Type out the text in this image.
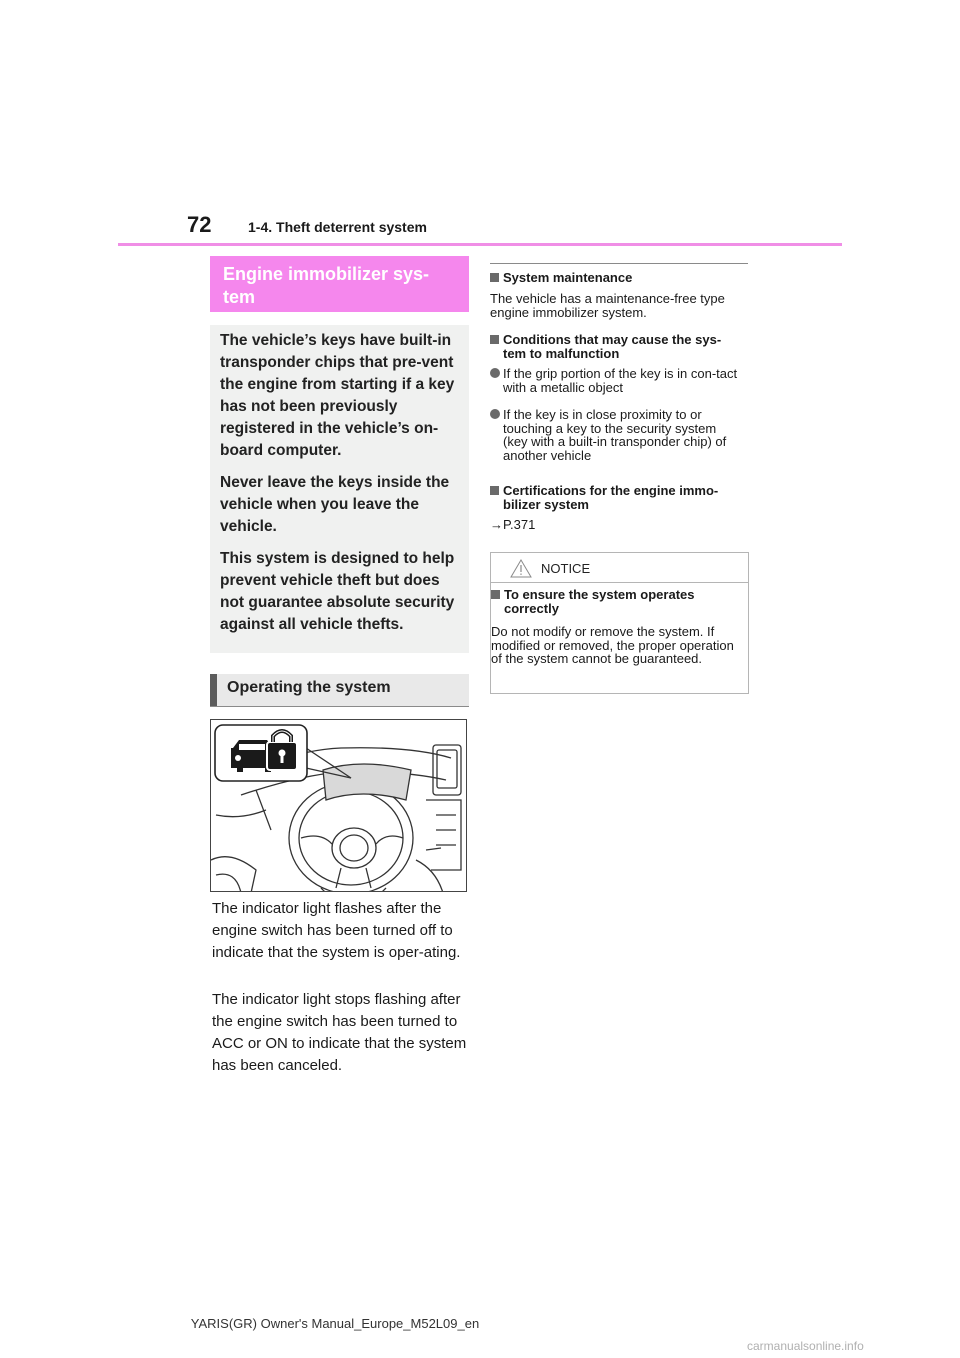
72	1-4. Theft deterrent system
Engine immobilizer sys-
tem

The vehicle’s keys have built-in transponder chips that pre-vent the engine from starting if a key has not been previously registered in the vehicle’s on-board computer.

Never leave the keys inside the vehicle when you leave the vehicle.

This system is designed to help prevent vehicle theft but does not guarantee absolute security against all vehicle thefts.

Operating the system

The indicator light flashes after the engine switch has been turned off to indicate that the system is oper-ating.

The indicator light stops flashing after the engine switch has been turned to ACC or ON to indicate that the system has been canceled.

System maintenance

The vehicle has a maintenance-free type engine immobilizer system.

Conditions that may cause the sys-tem to malfunction
If the grip portion of the key is in con-tact with a metallic object
If the key is in close proximity to or touching a key to the security system (key with a built-in transponder chip) of another vehicle
Certifications for the engine immo-bilizer system
→P.371
NOTICE
To ensure the system operates correctly

Do not modify or remove the system. If modified or removed, the proper operation of the system cannot be guaranteed.

YARIS(GR) Owner's Manual_Europe_M52L09_en
carmanualsonline.info
